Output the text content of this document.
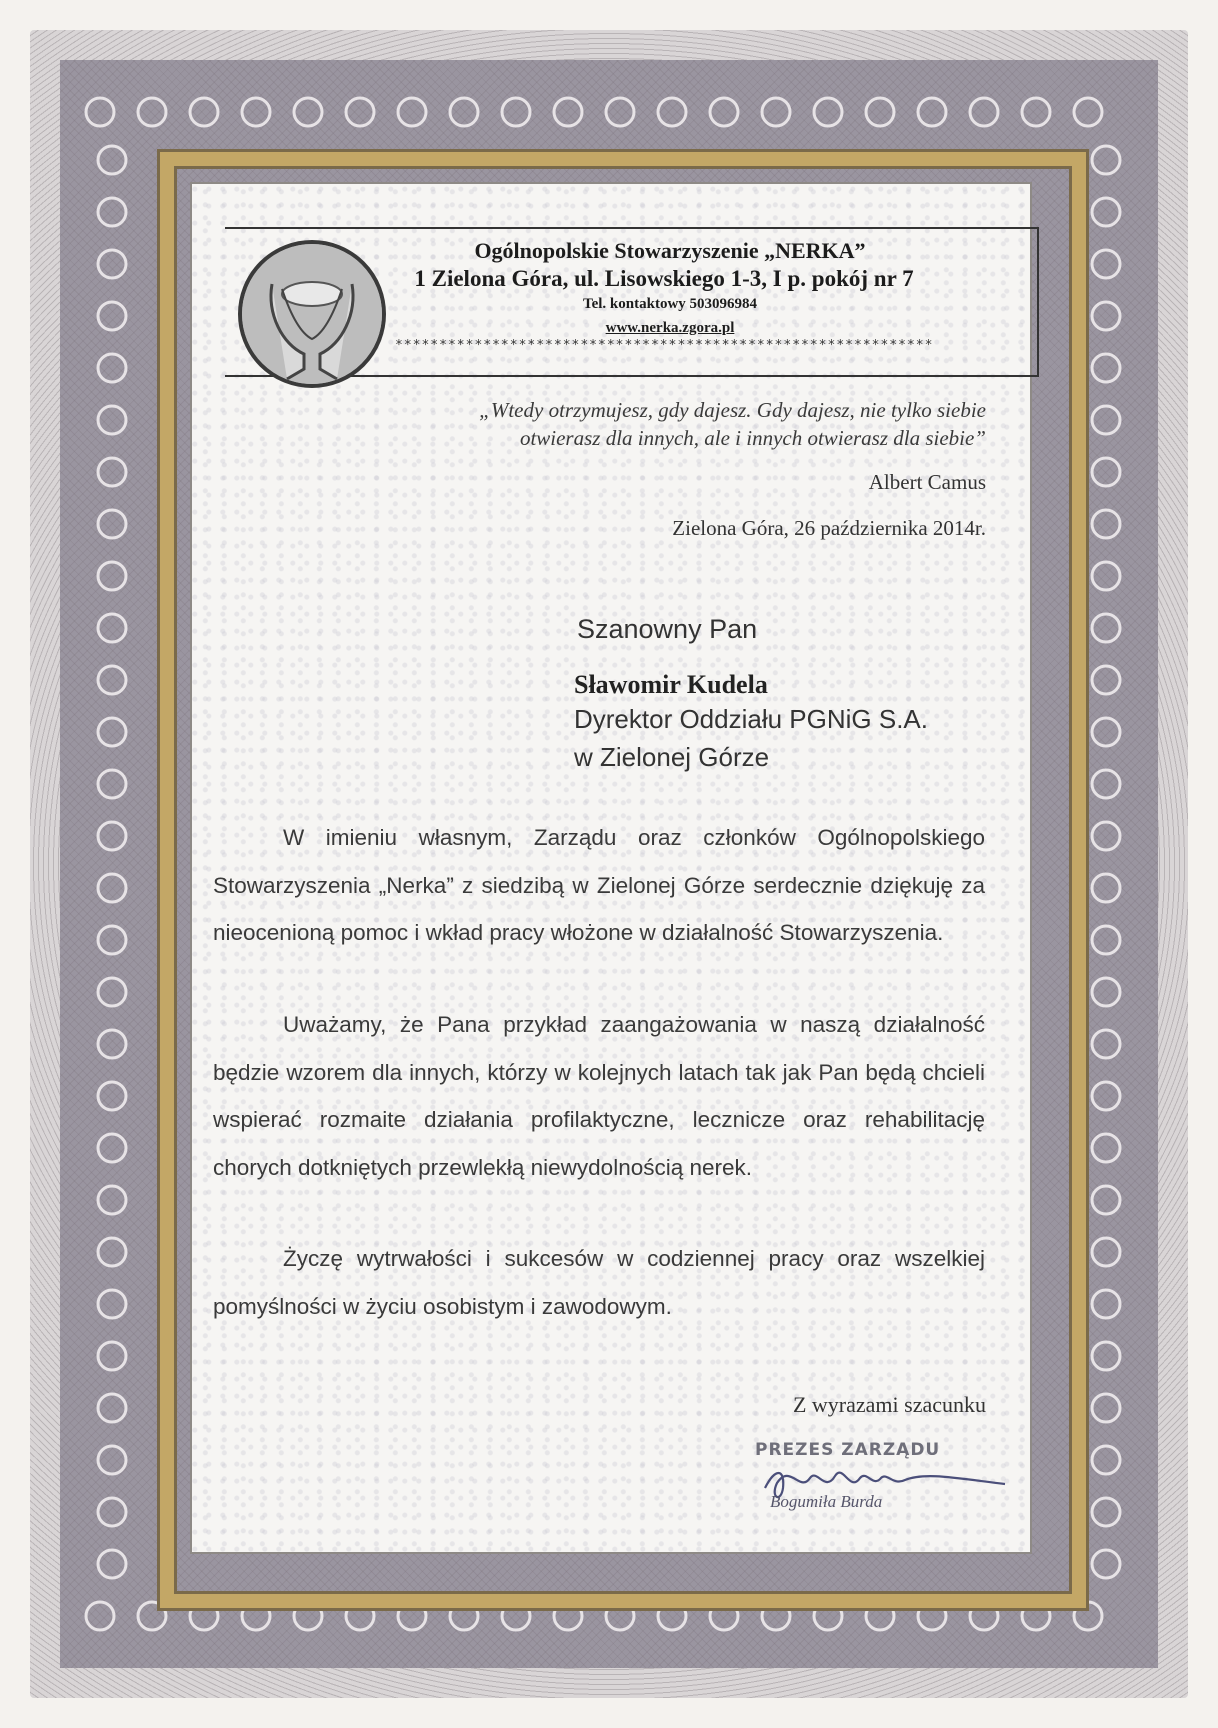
Ogólnopolskie Stowarzyszenie „NERKA”
1 Zielona Góra, ul. Lisowskiego 1-3, I p. pokój nr 7
Tel. kontaktowy 503096984
www.nerka.zgora.pl
*************************************************************
„Wtedy otrzymujesz, gdy dajesz. Gdy dajesz, nie tylko siebie
otwierasz dla innych, ale i innych otwierasz dla siebie”
Albert Camus
Zielona Góra, 26 października 2014r.
Szanowny Pan
Sławomir Kudela
Dyrektor Oddziału PGNiG S.A.
w Zielonej Górze
W imieniu własnym, Zarządu oraz członków Ogólnopolskiego Stowarzyszenia „Nerka” z siedzibą w Zielonej Górze serdecznie dziękuję za nieocenioną pomoc i wkład pracy włożone w działalność Stowarzyszenia.
Uważamy, że Pana przykład zaangażowania w naszą działalność będzie wzorem dla innych, którzy w kolejnych latach tak jak Pan będą chcieli wspierać rozmaite działania profilaktyczne, lecznicze oraz rehabilitację chorych dotkniętych przewlekłą niewydolnością nerek.
Życzę wytrwałości i sukcesów w codziennej pracy oraz wszelkiej pomyślności w życiu osobistym i zawodowym.
Z wyrazami szacunku
PREZES ZARZĄDU
Bogumiła Burda
